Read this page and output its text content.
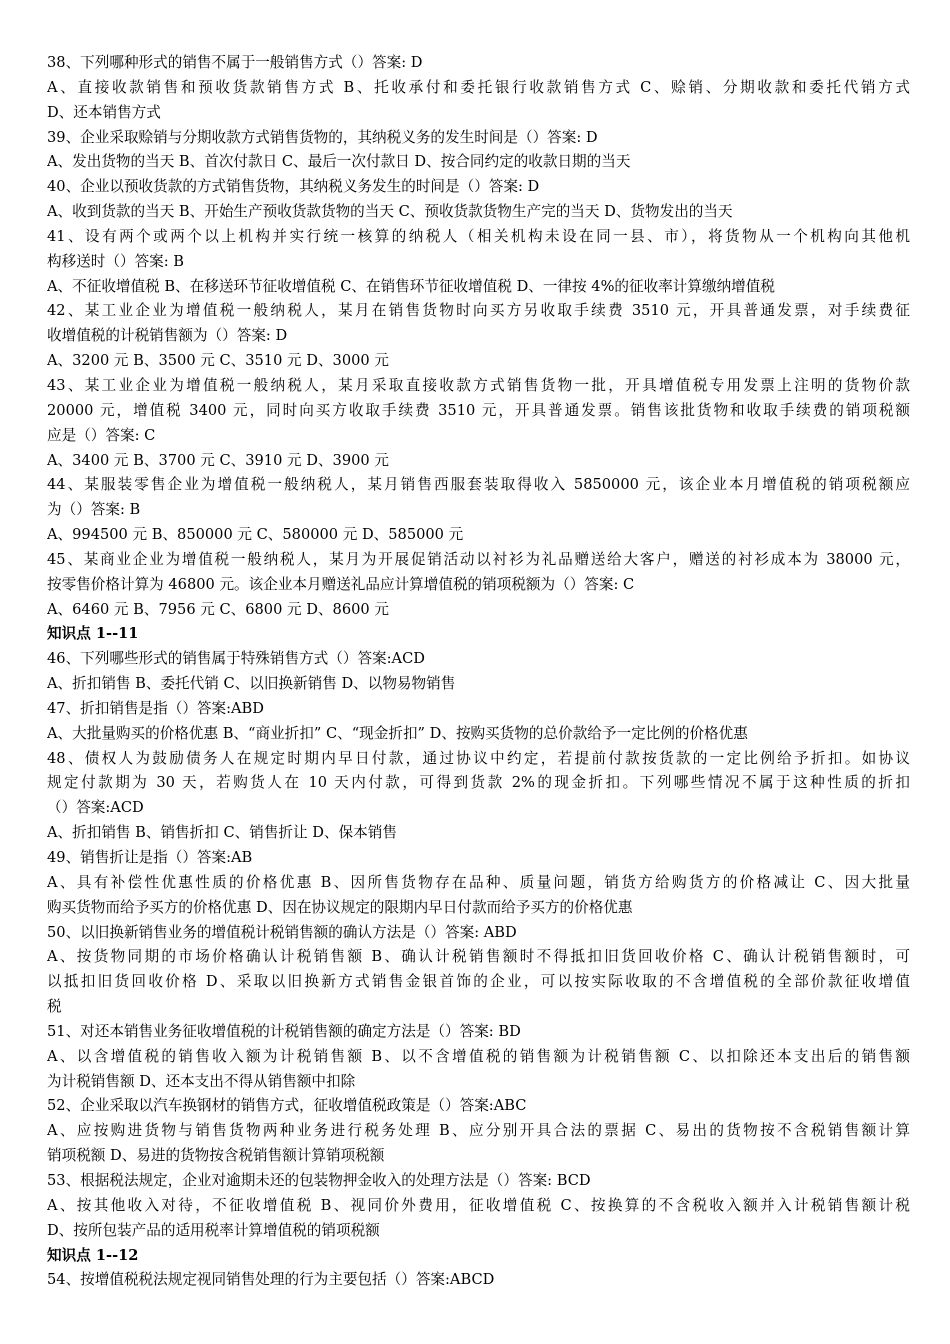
38、下列哪种形式的销售不属于一般销售方式（）答案: D
A、直接收款销售和预收货款销售方式 B、托收承付和委托银行收款销售方式 C、赊销、分期收款和委托代销方式
D、还本销售方式
39、企业采取赊销与分期收款方式销售货物的，其纳税义务的发生时间是（）答案: D
A、发出货物的当天 B、首次付款日 C、最后一次付款日 D、按合同约定的收款日期的当天
40、企业以预收货款的方式销售货物，其纳税义务发生的时间是（）答案: D
A、收到货款的当天 B、开始生产预收货款货物的当天 C、预收货款货物生产完的当天 D、货物发出的当天
41、设有两个或两个以上机构并实行统一核算的纳税人（相关机构未设在同一县、市），将货物从一个机构向其他机
构移送时（）答案: B
A、不征收增值税 B、在移送环节征收增值税 C、在销售环节征收增值税 D、一律按 4%的征收率计算缴纳增值税
42、某工业企业为增值税一般纳税人，某月在销售货物时向买方另收取手续费 3510 元，开具普通发票，对手续费征
收增值税的计税销售额为（）答案: D
A、3200 元 B、3500 元 C、3510 元 D、3000 元
43、某工业企业为增值税一般纳税人，某月采取直接收款方式销售货物一批，开具增值税专用发票上注明的货物价款
20000 元，增值税 3400 元，同时向买方收取手续费 3510 元，开具普通发票。销售该批货物和收取手续费的销项税额
应是（）答案: C
A、3400 元 B、3700 元 C、3910 元 D、3900 元
44、某服装零售企业为增值税一般纳税人，某月销售西服套装取得收入 5850000 元，该企业本月增值税的销项税额应
为（）答案: B
A、994500 元 B、850000 元 C、580000 元 D、585000 元
45、某商业企业为增值税一般纳税人，某月为开展促销活动以衬衫为礼品赠送给大客户，赠送的衬衫成本为 38000 元，
按零售价格计算为 46800 元。该企业本月赠送礼品应计算增值税的销项税额为（）答案: C
A、6460 元 B、7956 元 C、6800 元 D、8600 元
知识点 1--11
46、下列哪些形式的销售属于特殊销售方式（）答案:ACD
A、折扣销售 B、委托代销 C、以旧换新销售 D、以物易物销售
47、折扣销售是指（）答案:ABD
A、大批量购买的价格优惠 B、“商业折扣” C、“现金折扣” D、按购买货物的总价款给予一定比例的价格优惠
48、债权人为鼓励债务人在规定时期内早日付款，通过协议中约定，若提前付款按货款的一定比例给予折扣。如协议
规定付款期为 30 天，若购货人在 10 天内付款，可得到货款 2%的现金折扣。下列哪些情况不属于这种性质的折扣
（）答案:ACD
A、折扣销售 B、销售折扣 C、销售折让 D、保本销售
49、销售折让是指（）答案:AB
A、具有补偿性优惠性质的价格优惠 B、因所售货物存在品种、质量问题，销货方给购货方的价格减让 C、因大批量
购买货物而给予买方的价格优惠 D、因在协议规定的限期内早日付款而给予买方的价格优惠
50、以旧换新销售业务的增值税计税销售额的确认方法是（）答案: ABD
A、按货物同期的市场价格确认计税销售额 B、确认计税销售额时不得抵扣旧货回收价格 C、确认计税销售额时，可
以抵扣旧货回收价格 D、采取以旧换新方式销售金银首饰的企业，可以按实际收取的不含增值税的全部价款征收增值
税
51、对还本销售业务征收增值税的计税销售额的确定方法是（）答案: BD
A、以含增值税的销售收入额为计税销售额 B、以不含增值税的销售额为计税销售额 C、以扣除还本支出后的销售额
为计税销售额 D、还本支出不得从销售额中扣除
52、企业采取以汽车换钢材的销售方式，征收增值税政策是（）答案:ABC
A、应按购进货物与销售货物两种业务进行税务处理 B、应分别开具合法的票据 C、易出的货物按不含税销售额计算
销项税额 D、易进的货物按含税销售额计算销项税额
53、根据税法规定，企业对逾期未还的包装物押金收入的处理方法是（）答案: BCD
A、按其他收入对待，不征收增值税 B、视同价外费用，征收增值税 C、按换算的不含税收入额并入计税销售额计税
D、按所包装产品的适用税率计算增值税的销项税额
知识点 1--12
54、按增值税税法规定视同销售处理的行为主要包括（）答案:ABCD
